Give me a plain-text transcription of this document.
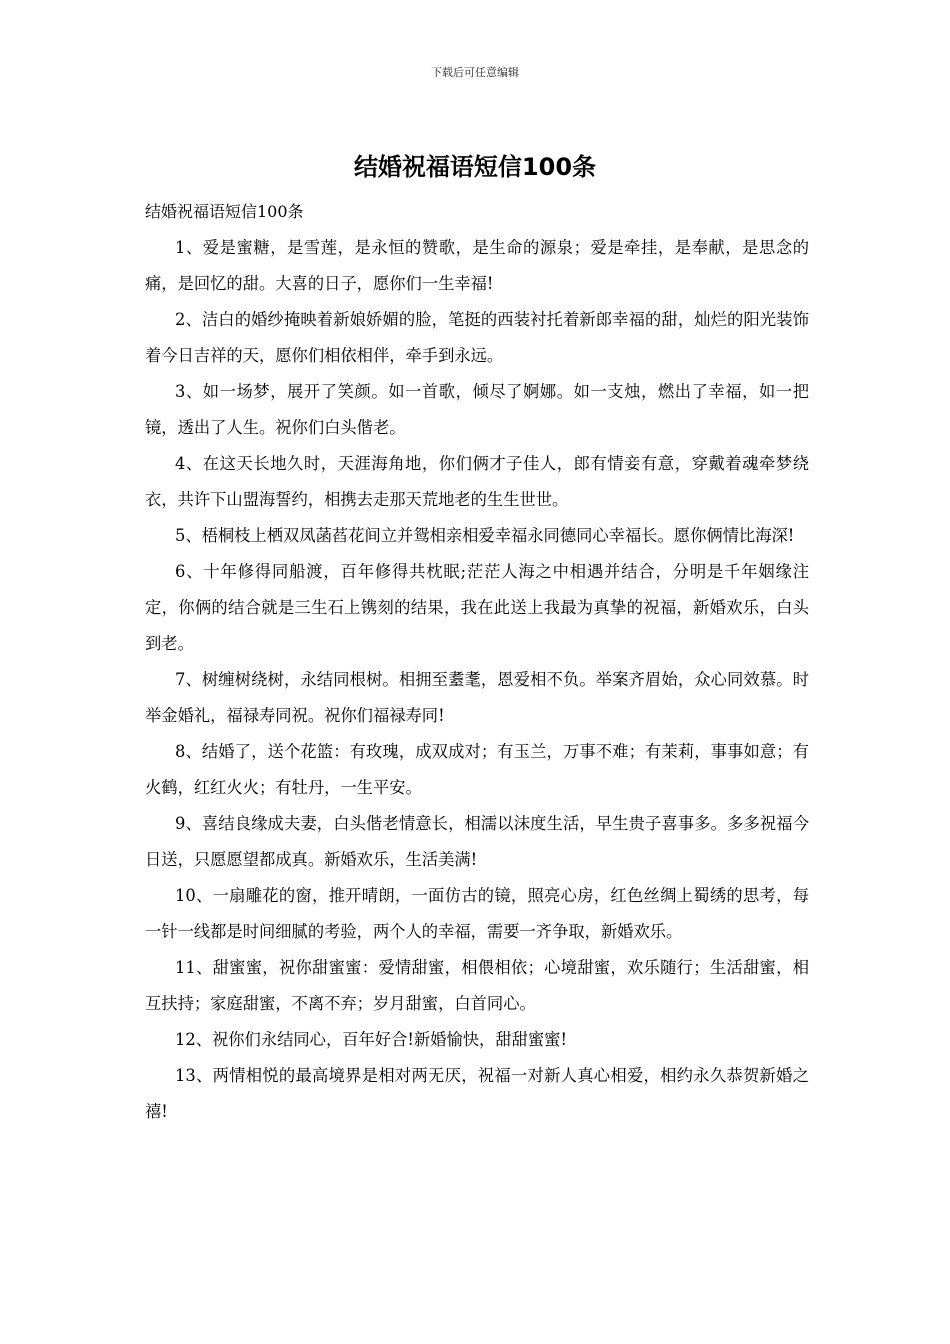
下载后可任意编辑
结婚祝福语短信100条

结婚祝福语短信100条

1、爱是蜜糖，是雪莲，是永恒的赞歌，是生命的源泉；爱是牵挂，是奉献，是思念的痛，是回忆的甜。大喜的日子，愿你们一生幸福!

2、洁白的婚纱掩映着新娘娇媚的脸，笔挺的西装衬托着新郎幸福的甜，灿烂的阳光装饰着今日吉祥的天，愿你们相依相伴，牵手到永远。

3、如一场梦，展开了笑颜。如一首歌，倾尽了婀娜。如一支烛，燃出了幸福，如一把镜，透出了人生。祝你们白头偕老。

4、在这天长地久时，天涯海角地，你们俩才子佳人，郎有情妾有意，穿戴着魂牵梦绕衣，共许下山盟海誓约，相携去走那天荒地老的生生世世。

5、梧桐枝上栖双凤菡萏花间立并鸳相亲相爱幸福永同德同心幸福长。愿你俩情比海深!

6、十年修得同船渡，百年修得共枕眠;茫茫人海之中相遇并结合，分明是千年姻缘注定，你俩的结合就是三生石上镌刻的结果，我在此送上我最为真挚的祝福，新婚欢乐，白头到老。

7、树缠树绕树，永结同根树。相拥至耋耄，恩爱相不负。举案齐眉始，众心同效慕。时举金婚礼，福禄寿同祝。祝你们福禄寿同!

8、结婚了，送个花篮：有玫瑰，成双成对；有玉兰，万事不难；有茉莉，事事如意；有火鹤，红红火火；有牡丹，一生平安。

9、喜结良缘成夫妻，白头偕老情意长，相濡以沫度生活，早生贵子喜事多。多多祝福今日送，只愿愿望都成真。新婚欢乐，生活美满!

10、一扇雕花的窗，推开晴朗，一面仿古的镜，照亮心房，红色丝绸上蜀绣的思考，每一针一线都是时间细腻的考验，两个人的幸福，需要一齐争取，新婚欢乐。

11、甜蜜蜜，祝你甜蜜蜜：爱情甜蜜，相偎相依；心境甜蜜，欢乐随行；生活甜蜜，相互扶持；家庭甜蜜，不离不弃；岁月甜蜜，白首同心。

12、祝你们永结同心，百年好合!新婚愉快，甜甜蜜蜜!

13、两情相悦的最高境界是相对两无厌，祝福一对新人真心相爱，相约永久恭贺新婚之禧!
